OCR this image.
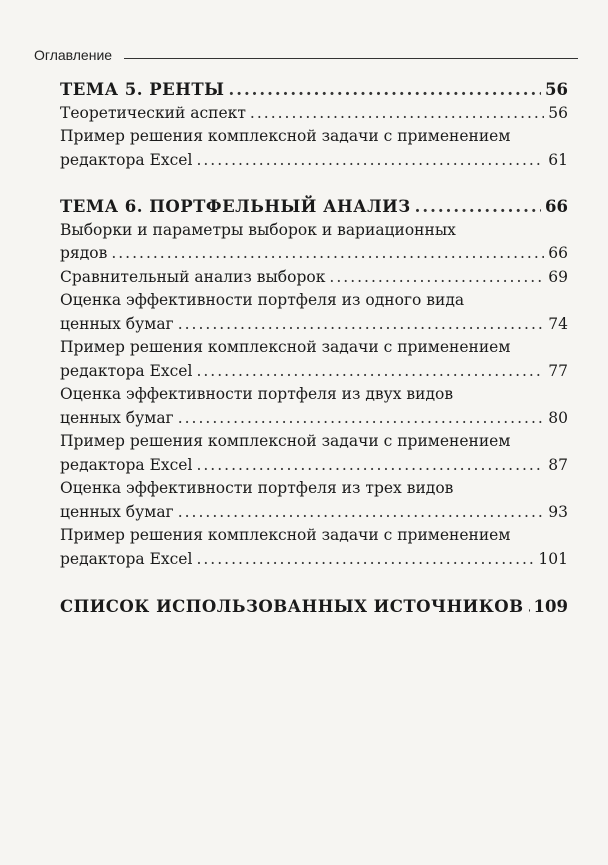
Оглавление
ТЕМА 5. РЕНТЫ .....	56
Теоретический аспект .....	56
Пример решения комплексной задачи с применением
редактора Excel .....	61
ТЕМА 6. ПОРТФЕЛЬНЫЙ АНАЛИЗ .....	66
Выборки и параметры выборок и вариационных
рядов .....	66
Сравнительный анализ выборок .....	69
Оценка эффективности портфеля из одного вида
ценных бумаг .....	74
Пример решения комплексной задачи с применением
редактора Excel .....	77
Оценка эффективности портфеля из двух видов
ценных бумаг .....	80
Пример решения комплексной задачи с применением
редактора Excel .....	87
Оценка эффективности портфеля из трех видов
ценных бумаг .....	93
Пример решения комплексной задачи с применением
редактора Excel .....	101
СПИСОК ИСПОЛЬЗОВАННЫХ ИСТОЧНИКОВ ..... 109
